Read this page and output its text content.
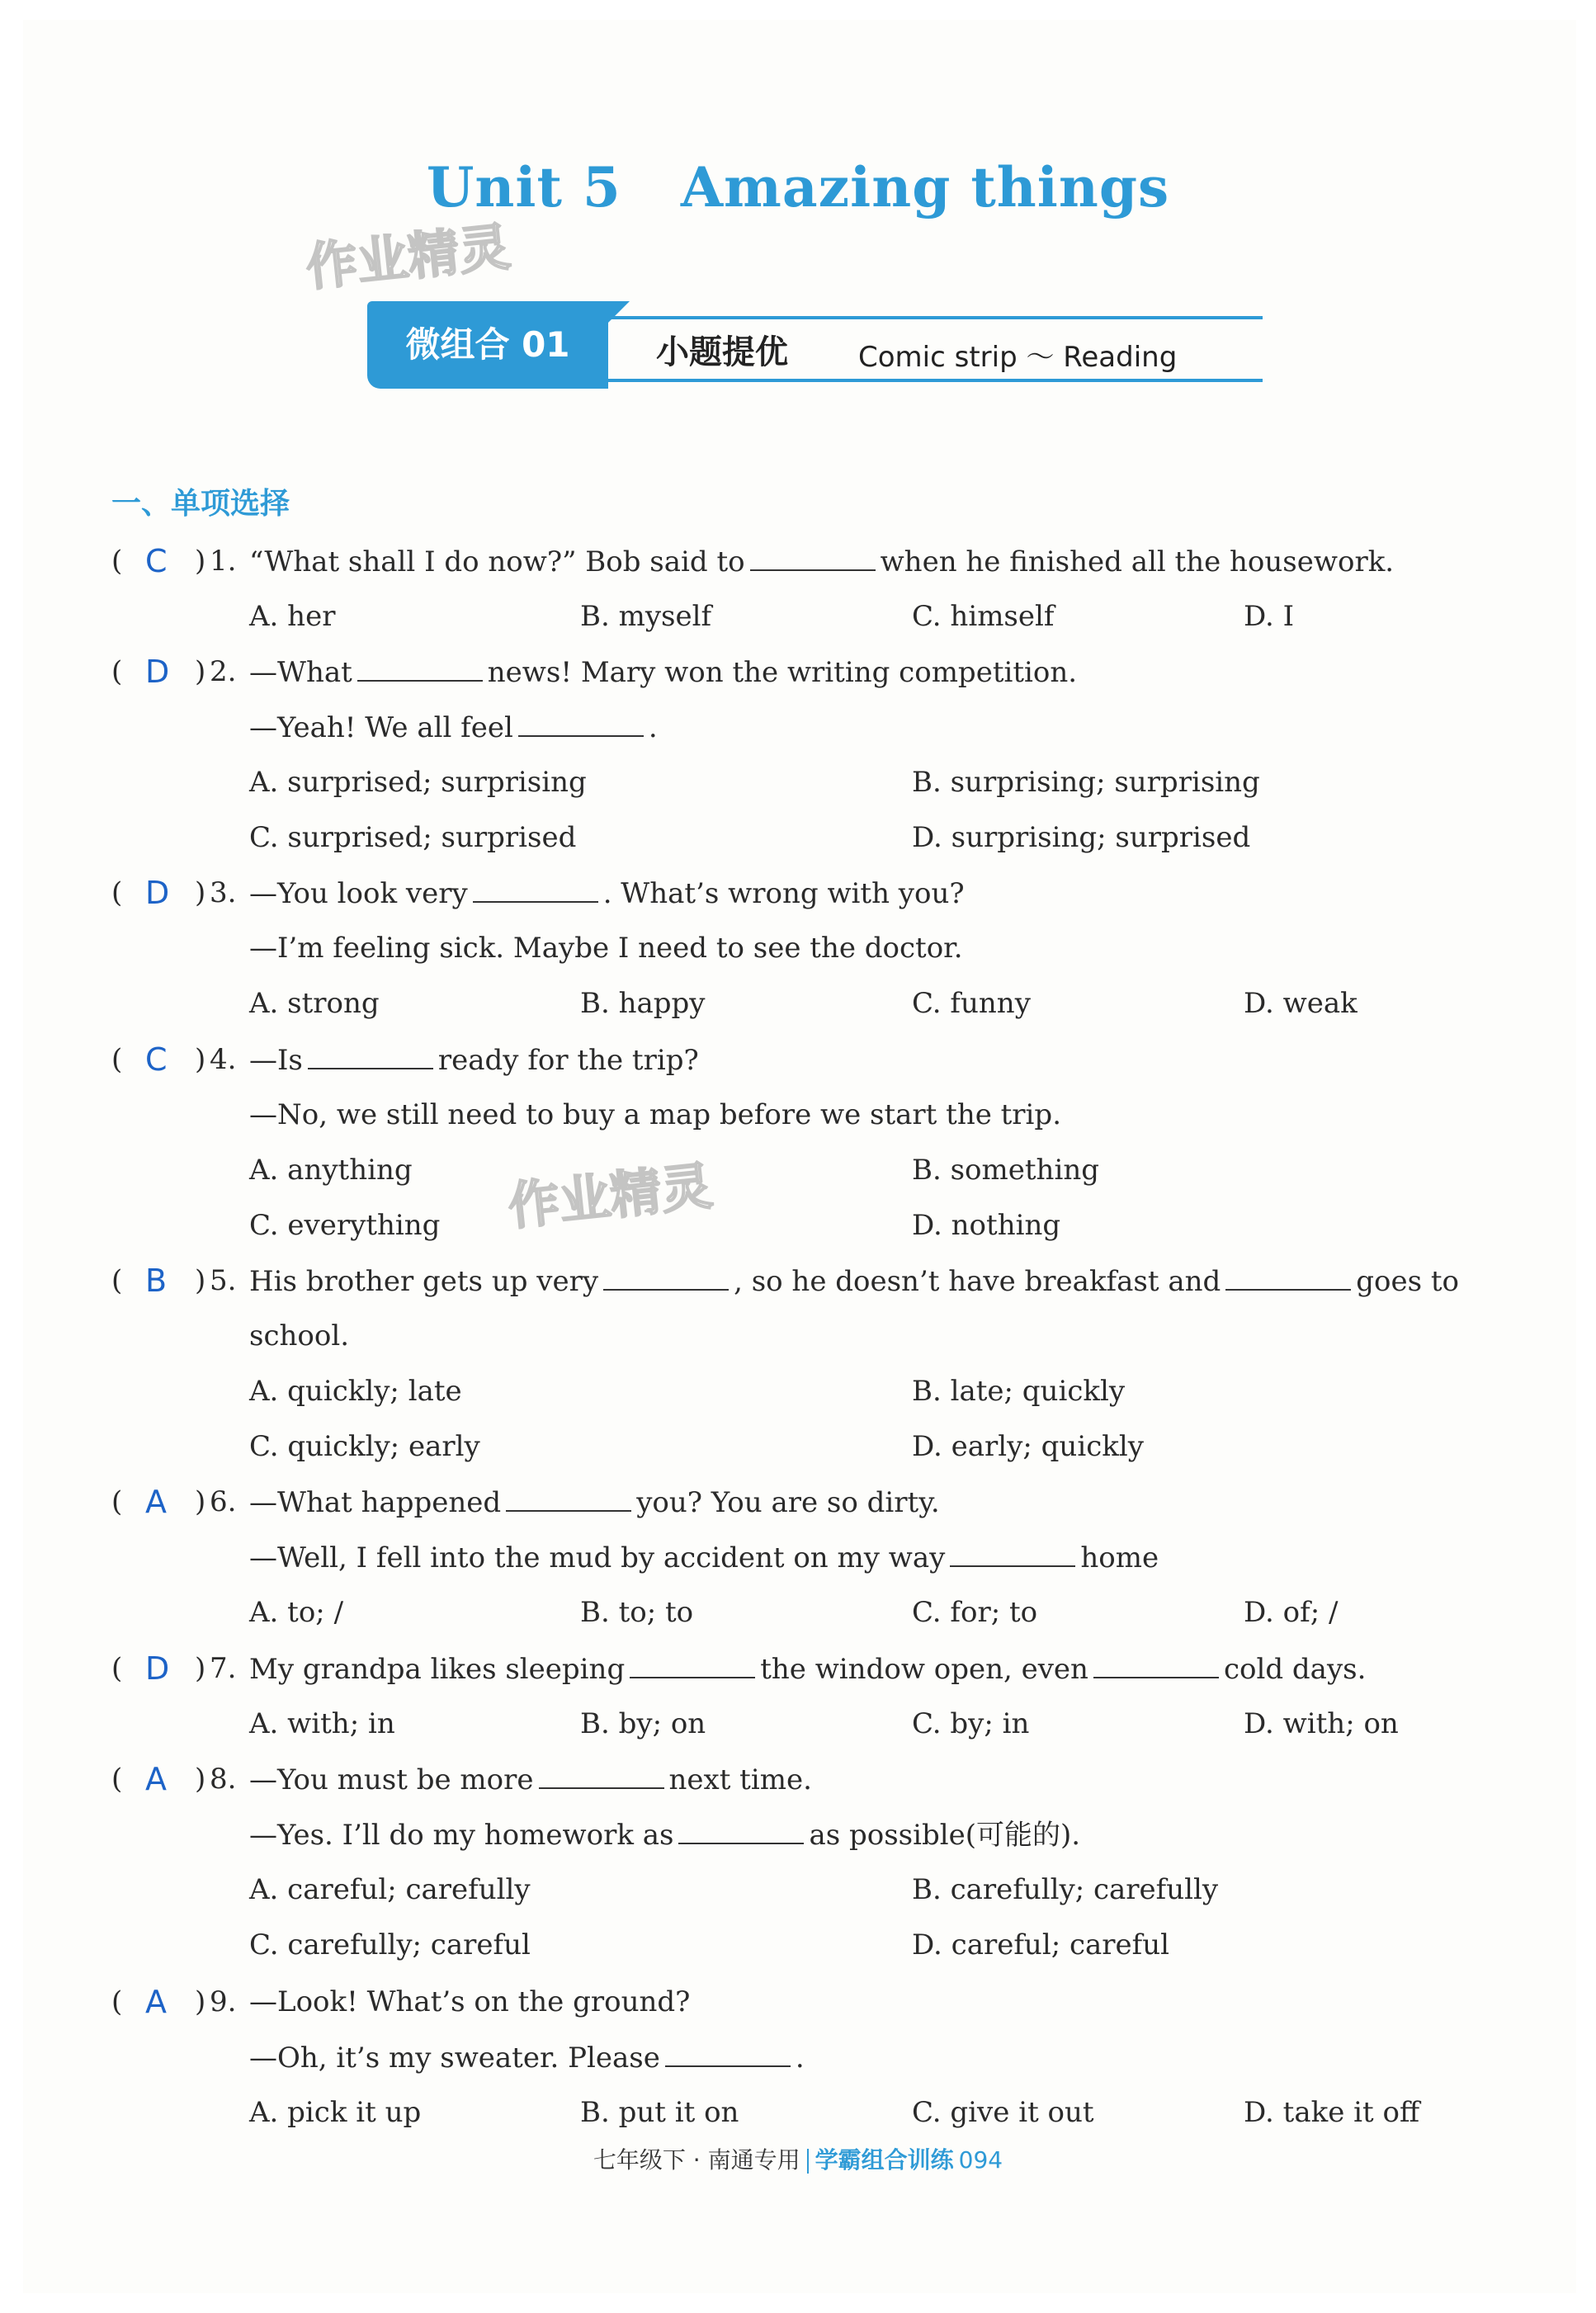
Unit 5 Amazing things
作业精灵
作业精灵
微组合 01	小题提优	Comic strip ～ Reading
一、单项选择
(	)
C 1. “What shall I do now?” Bob said to	when he finished all the housework.
A. her	B. myself	C. himself	D. I
(	)
D 2. —What	news! Mary won the writing competition.
—Yeah! We all feel	.
A. surprised; surprising	B. surprising; surprising
C. surprised; surprised	D. surprising; surprised
(	)
D 3. —You look very	. What’s wrong with you?
—I’m feeling sick. Maybe I need to see the doctor.
A. strong	B. happy	C. funny	D. weak
(	)
C 4. —Is	ready for the trip?
—No, we still need to buy a map before we start the trip.
A. anything	B. something
C. everything	D. nothing
(	)
B 5. His brother gets up very	, so he doesn’t have breakfast and	goes to
school.
A. quickly; late	B. late; quickly
C. quickly; early	D. early; quickly
(	)
A 6. —What happened	you? You are so dirty.
—Well, I fell into the mud by accident on my way	home
A. to; /	B. to; to	C. for; to	D. of; /
(	)
D 7. My grandpa likes sleeping	the window open, even	cold days.
A. with; in	B. by; on	C. by; in	D. with; on
(	)
A 8. —You must be more	next time.
—Yes. I’ll do my homework as	as possible(可能的).
A. careful; carefully	B. carefully; carefully
C. carefully; careful	D. careful; careful
(	)
A 9. —Look! What’s on the ground?
—Oh, it’s my sweater. Please	.
A. pick it up	B. put it on	C. give it out	D. take it off
七年级下 · 南通专用 学霸组合训练 094
